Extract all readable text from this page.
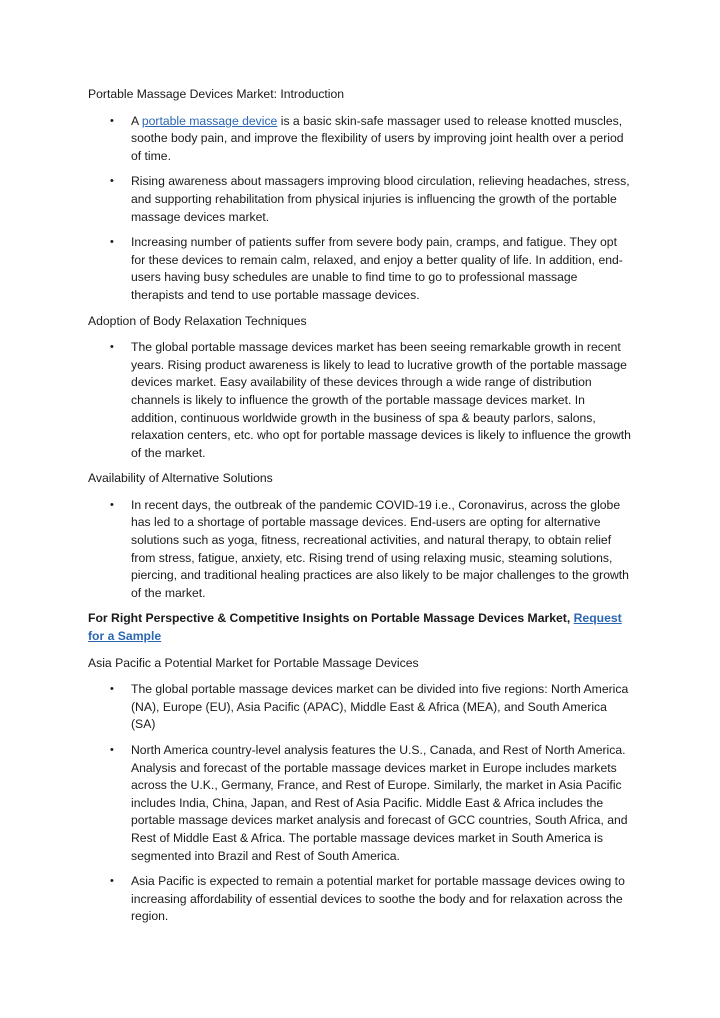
Portable Massage Devices Market: Introduction

• A portable massage device is a basic skin-safe massager used to release knotted muscles, soothe body pain, and improve the flexibility of users by improving joint health over a period of time.
• Rising awareness about massagers improving blood circulation, relieving headaches, stress, and supporting rehabilitation from physical injuries is influencing the growth of the portable massage devices market.
• Increasing number of patients suffer from severe body pain, cramps, and fatigue. They opt for these devices to remain calm, relaxed, and enjoy a better quality of life. In addition, end-users having busy schedules are unable to find time to go to professional massage therapists and tend to use portable massage devices.

Adoption of Body Relaxation Techniques

• The global portable massage devices market has been seeing remarkable growth in recent years. Rising product awareness is likely to lead to lucrative growth of the portable massage devices market. Easy availability of these devices through a wide range of distribution channels is likely to influence the growth of the portable massage devices market. In addition, continuous worldwide growth in the business of spa & beauty parlors, salons, relaxation centers, etc. who opt for portable massage devices is likely to influence the growth of the market.

Availability of Alternative Solutions

• In recent days, the outbreak of the pandemic COVID-19 i.e., Coronavirus, across the globe has led to a shortage of portable massage devices. End-users are opting for alternative solutions such as yoga, fitness, recreational activities, and natural therapy, to obtain relief from stress, fatigue, anxiety, etc. Rising trend of using relaxing music, steaming solutions, piercing, and traditional healing practices are also likely to be major challenges to the growth of the market.

For Right Perspective & Competitive Insights on Portable Massage Devices Market, Request for a Sample

Asia Pacific a Potential Market for Portable Massage Devices

• The global portable massage devices market can be divided into five regions: North America (NA), Europe (EU), Asia Pacific (APAC), Middle East & Africa (MEA), and South America (SA)
• North America country-level analysis features the U.S., Canada, and Rest of North America. Analysis and forecast of the portable massage devices market in Europe includes markets across the U.K., Germany, France, and Rest of Europe. Similarly, the market in Asia Pacific includes India, China, Japan, and Rest of Asia Pacific. Middle East & Africa includes the portable massage devices market analysis and forecast of GCC countries, South Africa, and Rest of Middle East & Africa. The portable massage devices market in South America is segmented into Brazil and Rest of South America.
• Asia Pacific is expected to remain a potential market for portable massage devices owing to increasing affordability of essential devices to soothe the body and for relaxation across the region.
